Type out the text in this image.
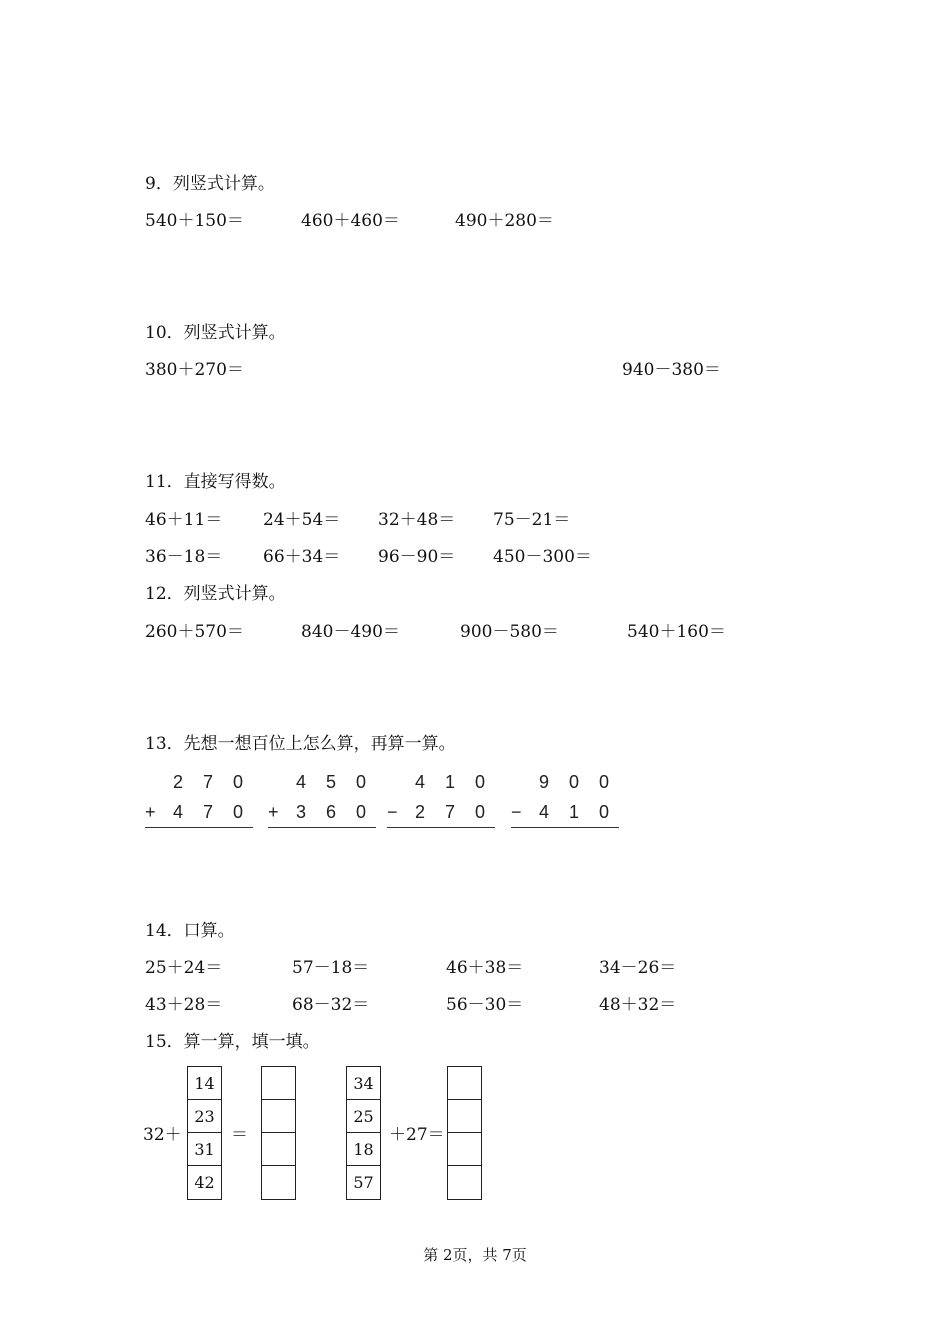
9．列竖式计算。
540＋150＝	460＋460＝	490＋280＝
10．列竖式计算。
380＋270＝	940－380＝
11．直接写得数。
46＋11＝ 24＋54＝ 32＋48＝ 75－21＝
36－18＝ 66＋34＝ 96－90＝ 450－300＝
12．列竖式计算。
260＋570＝	840－490＝	900－580＝	540＋160＝
13．先想一想百位上怎么算，再算一算。
2	7	0
+ 4	7	0
4	5	0
+ 3	6	0
4	1	0
− 2	7	0
9	0	0
− 4	1	0
14．口算。
25＋24＝	57－18＝	46＋38＝	34－26＝
43＋28＝	68－32＝	56－30＝	48＋32＝
15．算一算，填一填。
32＋
14
23
31
42
＝
34
25
18
57
＋27＝
第 2页，共 7页
